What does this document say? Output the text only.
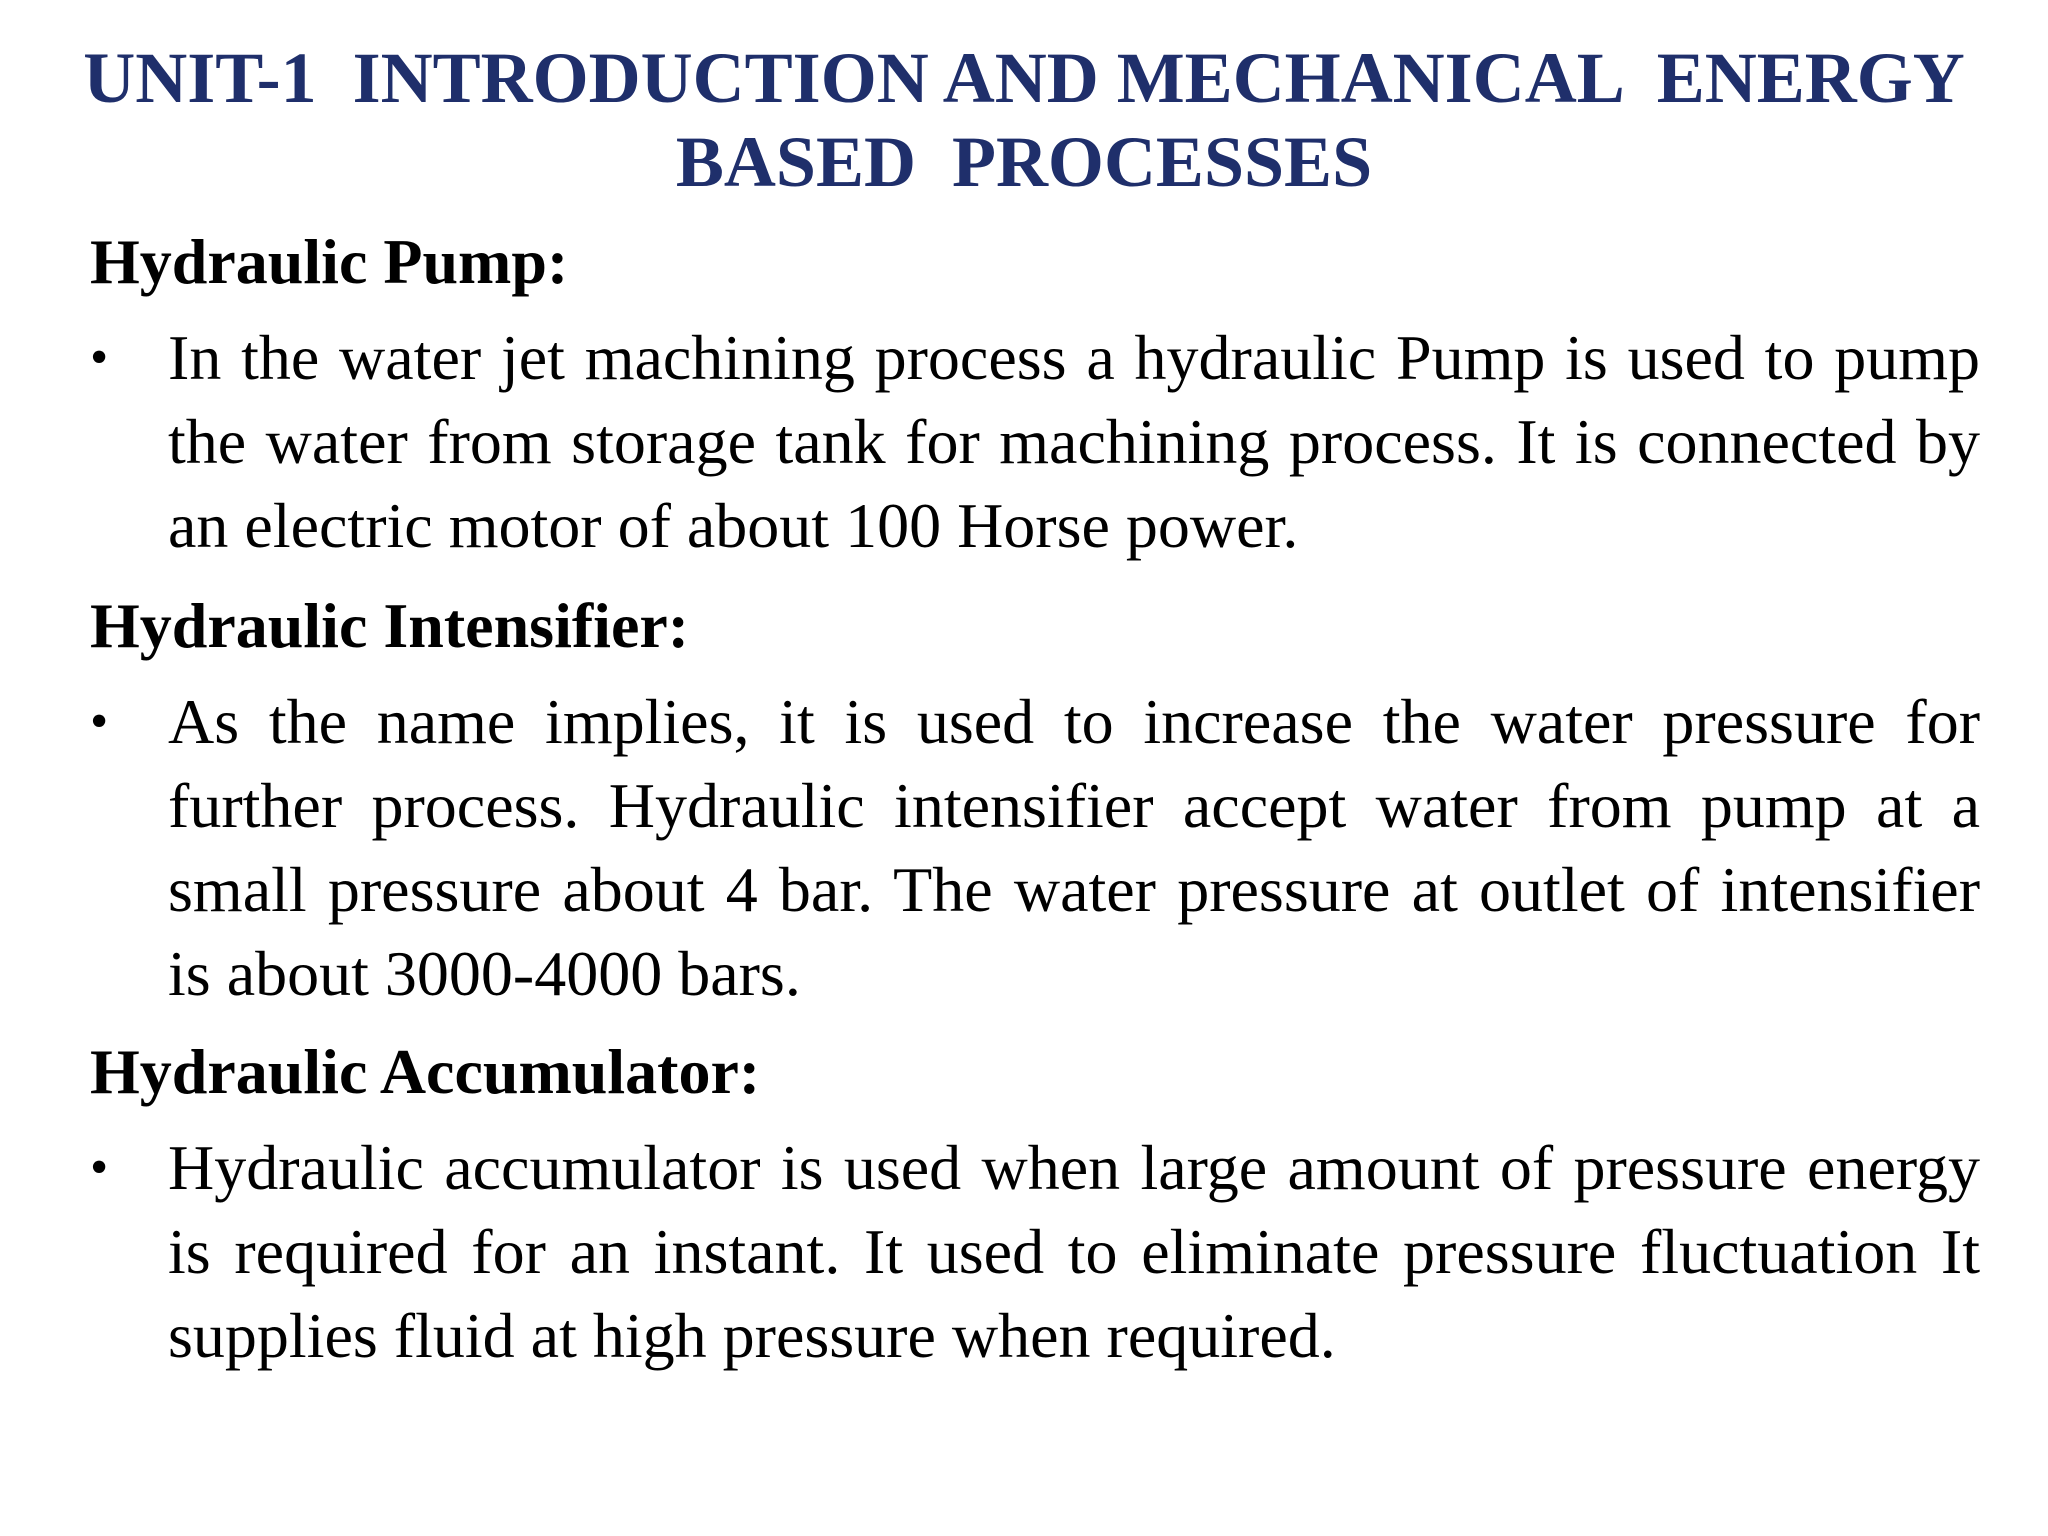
UNIT-1  INTRODUCTION AND MECHANICAL  ENERGY BASED  PROCESSES
Hydraulic Pump:
• In the water jet machining process a hydraulic Pump is used to pump the water from storage tank for machining process. It is connected by an electric motor of about 100 Horse power.
Hydraulic Intensifier:
• As the name implies, it is used to increase the water pressure for further process. Hydraulic intensifier accept water from pump at a small pressure about 4 bar. The water pressure at outlet of intensifier is about 3000-4000 bars.
Hydraulic Accumulator:
• Hydraulic accumulator is used when large amount of pressure energy is required for an instant. It used to eliminate pressure fluctuation It supplies fluid at high pressure when required.
